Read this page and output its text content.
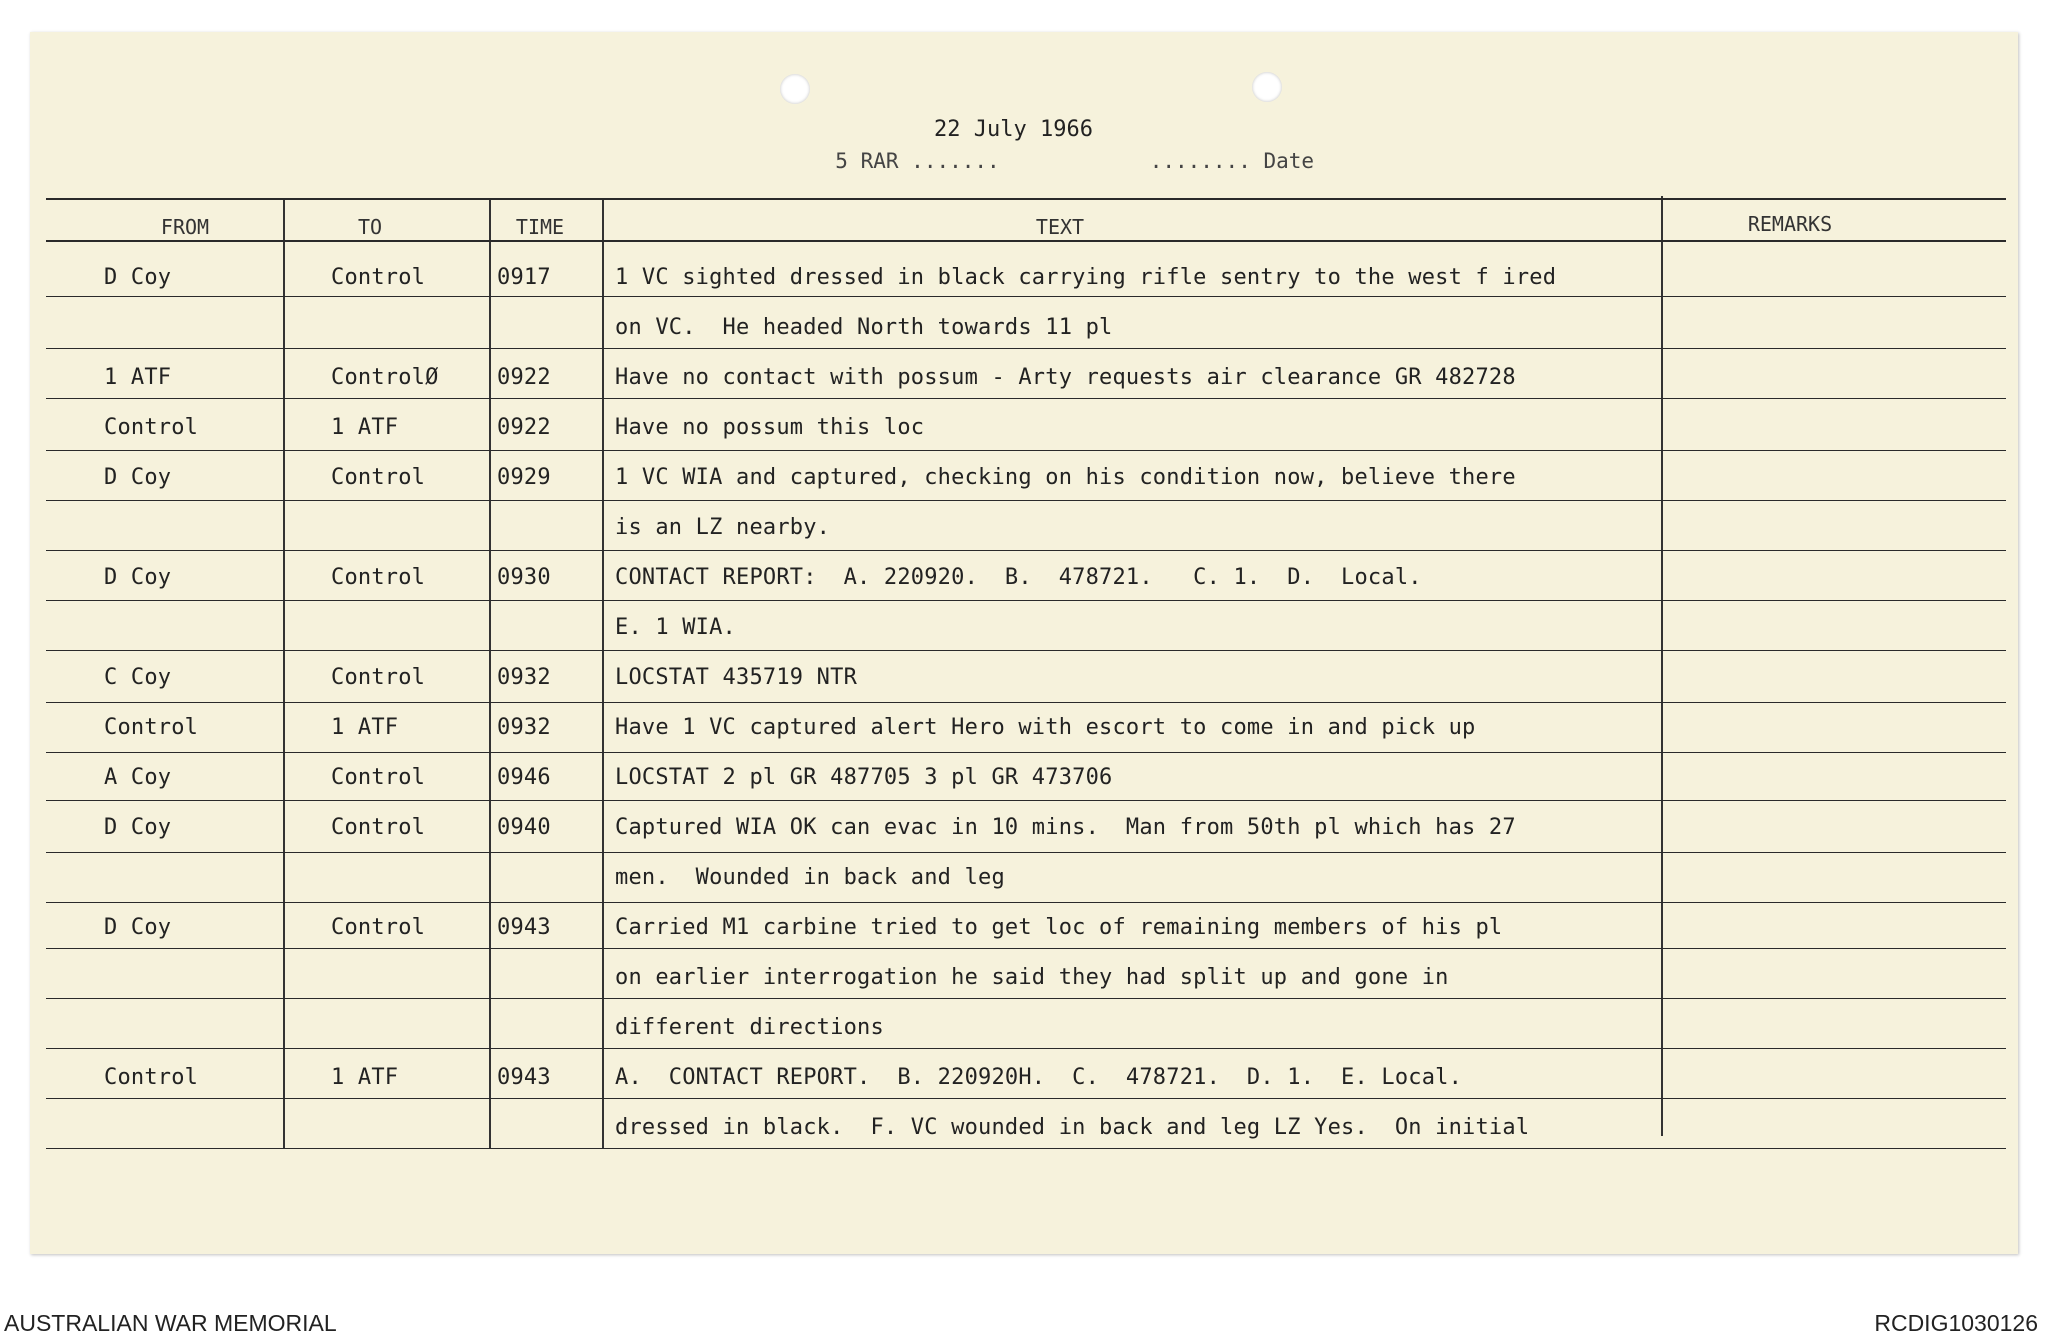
5 RAR .......	........ Date

22 July 1966

FROM	TO	TIME	TEXT	REMARKS
D Coy	Control	0917	1 VC sighted dressed in black carrying rifle sentry to the west f ired
on VC.  He headed North towards 11 pl
1 ATF	ControlØ	0922	Have no contact with possum - Arty requests air clearance GR 482728
Control	1 ATF	0922	Have no possum this loc
D Coy	Control	0929	1 VC WIA and captured, checking on his condition now, believe there
is an LZ nearby.
D Coy	Control	0930	CONTACT REPORT:  A. 220920.  B.  478721.   C. 1.  D.  Local.
E. 1 WIA.
C Coy	Control	0932	LOCSTAT 435719 NTR
Control	1 ATF	0932	Have 1 VC captured alert Hero with escort to come in and pick up
A Coy	Control	0946	LOCSTAT 2 pl GR 487705 3 pl GR 473706
D Coy	Control	0940	Captured WIA OK can evac in 10 mins.  Man from 50th pl which has 27
men.  Wounded in back and leg
D Coy	Control	0943	Carried M1 carbine tried to get loc of remaining members of his pl
on earlier interrogation he said they had split up and gone in
different directions
Control	1 ATF	0943	A.  CONTACT REPORT.  B. 220920H.  C.  478721.  D. 1.  E. Local.
dressed in black.  F. VC wounded in back and leg LZ Yes.  On initial
AUSTRALIAN WAR MEMORIAL	RCDIG1030126
